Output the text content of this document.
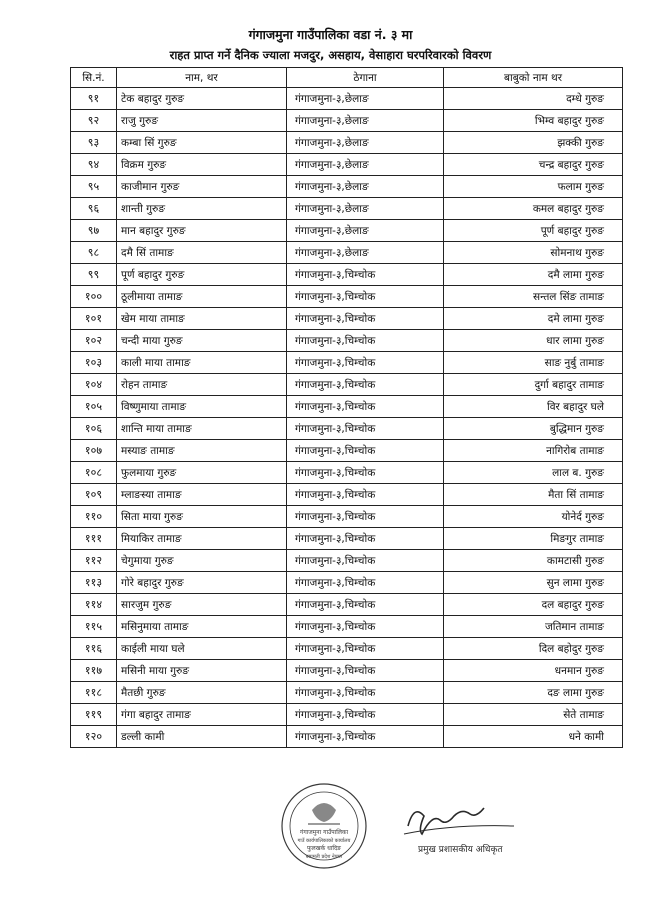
गंगाजमुना गाउँपालिका वडा नं. ३ मा
राहत प्राप्त गर्ने दैनिक ज्याला मजदुर, असहाय, वेसाहारा घरपरिवारको विवरण
सि.नं.	नाम, थर	ठेगाना	बाबुको नाम थर
९१	टेक बहादुर गुरुङ	गंगाजमुना-३,छेलाङ	दम्धे गुरुङ
९२	राजु गुरुङ	गंगाजमुना-३,छेलाङ	भिम्व बहादुर गुरुङ
९३	कम्बा सिं गुरुङ	गंगाजमुना-३,छेलाङ	झक्की गुरुङ
९४	विक्रम गुरुङ	गंगाजमुना-३,छेलाङ	चन्द्र बहादुर गुरुङ
९५	काजीमान गुरुङ	गंगाजमुना-३,छेलाङ	फलाम गुरुङ
९६	शान्ती गुरुङ	गंगाजमुना-३,छेलाङ	कमल बहादुर गुरुङ
९७	मान बहादुर गुरुङ	गंगाजमुना-३,छेलाङ	पूर्ण बहादुर गुरुङ
९८	दमै सिं तामाङ	गंगाजमुना-३,छेलाङ	सोमनाथ गुरुङ
९९	पूर्ण बहादुर गुरुङ	गंगाजमुना-३,चिम्चोक	दमै लामा गुरुङ
१००	ठूलीमाया तामाङ	गंगाजमुना-३,चिम्चोक	सन्तल सिंङ तामाङ
१०१	खेम माया तामाङ	गंगाजमुना-३,चिम्चोक	दमे लामा गुरुङ
१०२	चन्दी माया गुरुङ	गंगाजमुना-३,चिम्चोक	धार लामा गुरुङ
१०३	काली माया तामाङ	गंगाजमुना-३,चिम्चोक	साङ नुर्बु तामाङ
१०४	रोहन तामाङ	गंगाजमुना-३,चिम्चोक	दुर्गा बहादुर तामाङ
१०५	विष्णुमाया तामाङ	गंगाजमुना-३,चिम्चोक	विर बहादुर घले
१०६	शान्ति माया तामाङ	गंगाजमुना-३,चिम्चोक	बुद्धिमान गुरुङ
१०७	मस्याङ तामाङ	गंगाजमुना-३,चिम्चोक	नागिरोब तामाङ
१०८	फुलमाया गुरुङ	गंगाजमुना-३,चिम्चोक	लाल ब. गुरुङ
१०९	म्लाङस्या तामाङ	गंगाजमुना-३,चिम्चोक	मैता सिं तामाङ
११०	सिता माया गुरुङ	गंगाजमुना-३,चिम्चोक	योनेर्द गुरुङ
१११	मियाकिर तामाङ	गंगाजमुना-३,चिम्चोक	मिङगुर तामाङ
११२	चेगुमाया गुरुङ	गंगाजमुना-३,चिम्चोक	कामटासी गुरुङ
११३	गोरे बहादुर गुरुङ	गंगाजमुना-३,चिम्चोक	सुन लामा गुरुङ
११४	सारजुम गुरुङ	गंगाजमुना-३,चिम्चोक	दल बहादुर गुरुङ
११५	मसिनुमाया तामाङ	गंगाजमुना-३,चिम्चोक	जतिमान तामाङ
११६	काईली माया घले	गंगाजमुना-३,चिम्चोक	दिल बहोदुर गुरुङ
११७	मसिनी माया गुरुङ	गंगाजमुना-३,चिम्चोक	धनमान गुरुङ
११८	मैतछी गुरुङ	गंगाजमुना-३,चिम्चोक	दङ लामा गुरुङ
११९	गंगा बहादुर तामाङ	गंगाजमुना-३,चिम्चोक	सेते तामाङ
१२०	डल्ली कामी	गंगाजमुना-३,चिम्चोक	धने कामी
गंगाजमुना गाउँपालिका
गाउँ कार्यपालिकाको कार्यालय
फुलखर्क धादिङ
बागमती प्रदेश नेपाल
प्रमुख प्रशासकीय अधिकृत
